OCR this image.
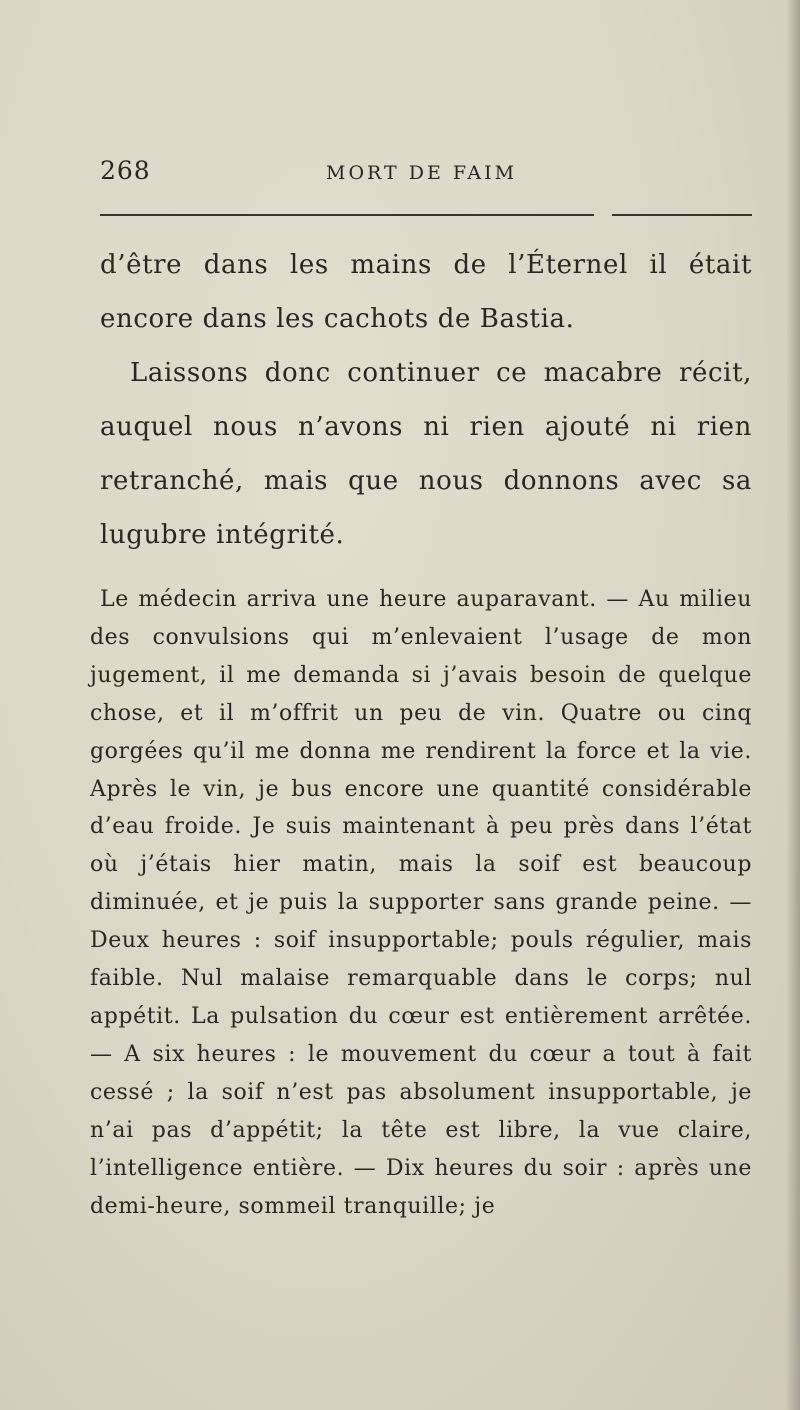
268	MORT DE FAIM

d’être dans les mains de l’Éternel il était encore dans les cachots de Bastia.

Laissons donc continuer ce macabre récit, auquel nous n’avons ni rien ajouté ni rien retranché, mais que nous donnons avec sa lugubre intégrité.

Le médecin arriva une heure auparavant. — Au milieu des convulsions qui m’enlevaient l’usage de mon jugement, il me demanda si j’avais besoin de quelque chose, et il m’offrit un peu de vin. Quatre ou cinq gorgées qu’il me donna me rendirent la force et la vie. Après le vin, je bus encore une quantité considérable d’eau froide. Je suis maintenant à peu près dans l’état où j’étais hier matin, mais la soif est beaucoup diminuée, et je puis la supporter sans grande peine. — Deux heures : soif insupportable; pouls régulier, mais faible. Nul malaise remarquable dans le corps; nul appétit. La pulsation du cœur est entièrement arrêtée. — A six heures : le mouvement du cœur a tout à fait cessé ; la soif n’est pas absolument insupportable, je n’ai pas d’appétit; la tête est libre, la vue claire, l’intelligence entière. — Dix heures du soir : après une demi-heure, sommeil tranquille; je
